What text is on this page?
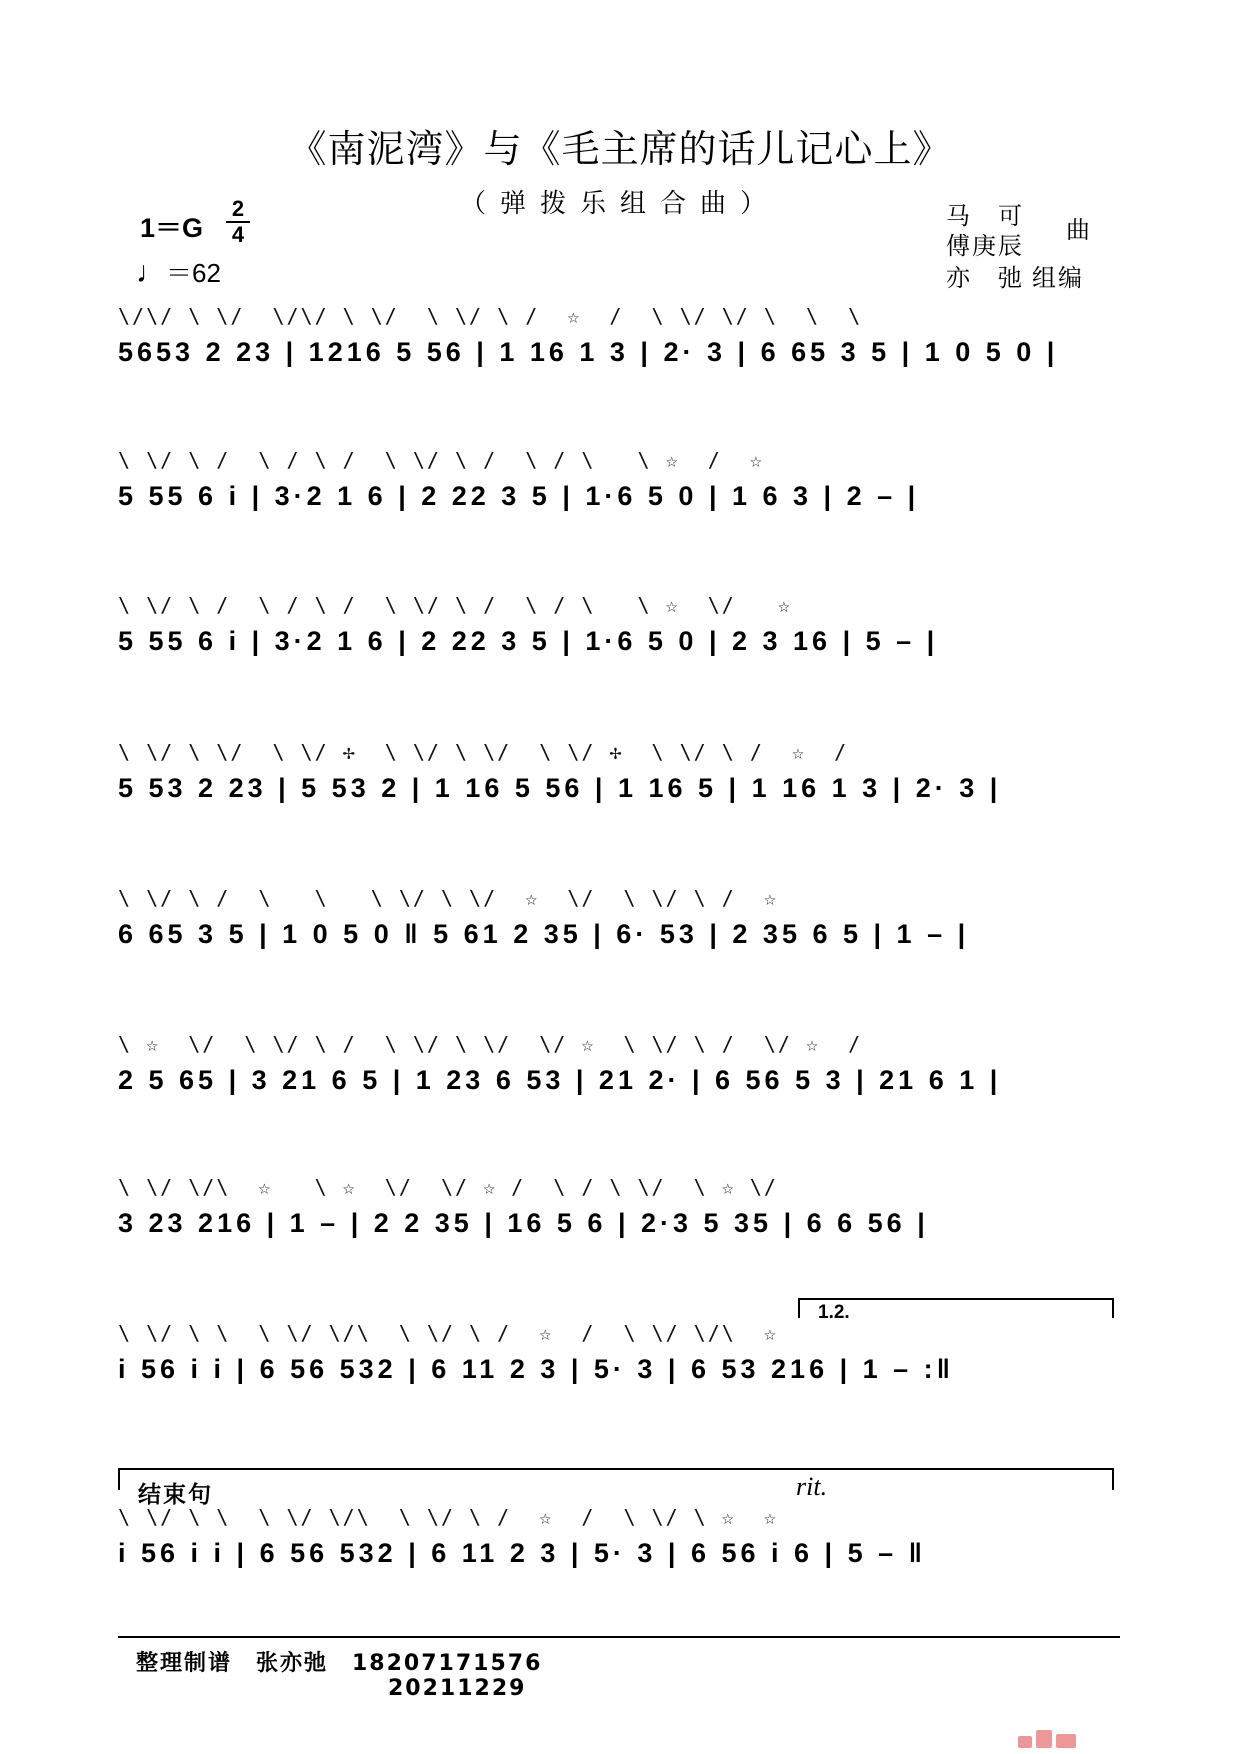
《南泥湾》与《毛主席的话儿记心上》
（弹拨乐组合曲）
1＝G
2
4
♩＝62
马　可 曲
傅庚辰
亦　弛 组编
\/\/ \ \/  \/\/ \ \/  \ \/ \ /  ☆  /  \ \/ \/ \  \  \
5653 2 23 | 1216 5 56 | 1 16 1 3 | 2· 3 | 6 65 3 5 | 1 0 5 0 |
\ \/ \ /  \ / \ /  \ \/ \ /  \ / \   \ ☆  /  ☆
5 55 6 i | 3·2 1 6 | 2 22 3 5 | 1·6 5 0 | 1 6 3 | 2 – |
\ \/ \ /  \ / \ /  \ \/ \ /  \ / \   \ ☆  \/   ☆
5 55 6 i | 3·2 1 6 | 2 22 3 5 | 1·6 5 0 | 2 3 16 | 5 – |
\ \/ \ \/  \ \/ ✢  \ \/ \ \/  \ \/ ✢  \ \/ \ /  ☆  /
5 53 2 23 | 5 53 2 | 1 16 5 56 | 1 16 5 | 1 16 1 3 | 2· 3 |
\ \/ \ /  \   \   \ \/ \ \/  ☆  \/  \ \/ \ /  ☆
6 65 3 5 | 1 0 5 0 ‖ 5 61 2 35 | 6· 53 | 2 35 6 5 | 1 – |
\ ☆  \/  \ \/ \ /  \ \/ \ \/  \/ ☆  \ \/ \ /  \/ ☆  /
2 5 65 | 3 21 6 5 | 1 23 6 53 | 21 2· | 6 56 5 3 | 21 6 1 |
\ \/ \/\  ☆   \ ☆  \/  \/ ☆ /  \ / \ \/  \ ☆ \/
3 23 216 | 1 – | 2 2 35 | 16 5 6 | 2·3 5 35 | 6 6 56 |
1.2.
\ \/ \ \  \ \/ \/\  \ \/ \ /  ☆  /  \ \/ \/\  ☆
i 56 i i | 6 56 532 | 6 11 2 3 | 5· 3 | 6 53 216 | 1 – :‖
结束句	rit.
\ \/ \ \  \ \/ \/\  \ \/ \ /  ☆  /  \ \/ \ ☆  ☆
i 56 i i | 6 56 532 | 6 11 2 3 | 5· 3 | 6 56 i 6 | 5 – ‖
整理制谱　张亦弛　18207171576
20211229
